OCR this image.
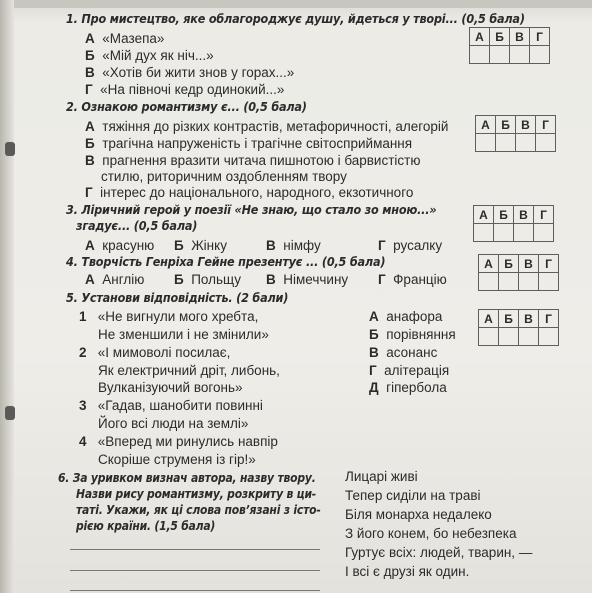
1. Про мистецтво, яке облагороджує душу, йдеться у творі... (0,5 бала)
А «Мазепа»
Б «Мій дух як ніч...»
В «Хотів би жити знов у горах...»
Г «На півночі кедр одинокий...»
А	Б	В	Г

2. Ознакою романтизму є... (0,5 бала)
А тяжіння до різких контрастів, метафоричності, алегорій
Б трагічна напруженість і трагічне світосприймання
В прагнення вразити читача пишнотою і барвистістю
стилю, риторичним оздобленням твору
Г інтерес до національного, народного, екзотичного
А	Б	В	Г

3. Ліричний герой у поезії «Не знаю, що стало зо мною...»
згадує... (0,5 бала)
А красуню Б Жінку	В німфу	Г русалку
А	Б	В	Г

4. Творчість Генріха Гейне презентує ... (0,5 бала)
А Англію Б Польщу В Німеччину Г Францію
А	Б	В	Г

5. Установи відповідність. (2 бали)
1 «Не вигнули мого хребта,
Не зменшили і не змінили»
2 «І мимоволі посилає,
Як електричний дріт, либонь,
Вулканізуючий вогонь»
3 «Гадав, шанобити повинні
Його всі люди на землі»
4 «Вперед ми ринулись навпір
Скоріше струменя із гір!»
А анафора
Б порівняння
В асонанс
Г алітерація
Д гіпербола
А	Б	В	Г

6. За уривком визнач автора, назву твору.
Назви рису романтизму, розкриту в ци-
таті. Укажи, як ці слова пов’язані з істо-
рією країни. (1,5 бала)
Лицарі живі
Тепер сиділи на траві
Біля монарха недалеко
З його конем, бо небезпека
Гуртує всіх: людей, тварин, —
І всі є друзі як один.
